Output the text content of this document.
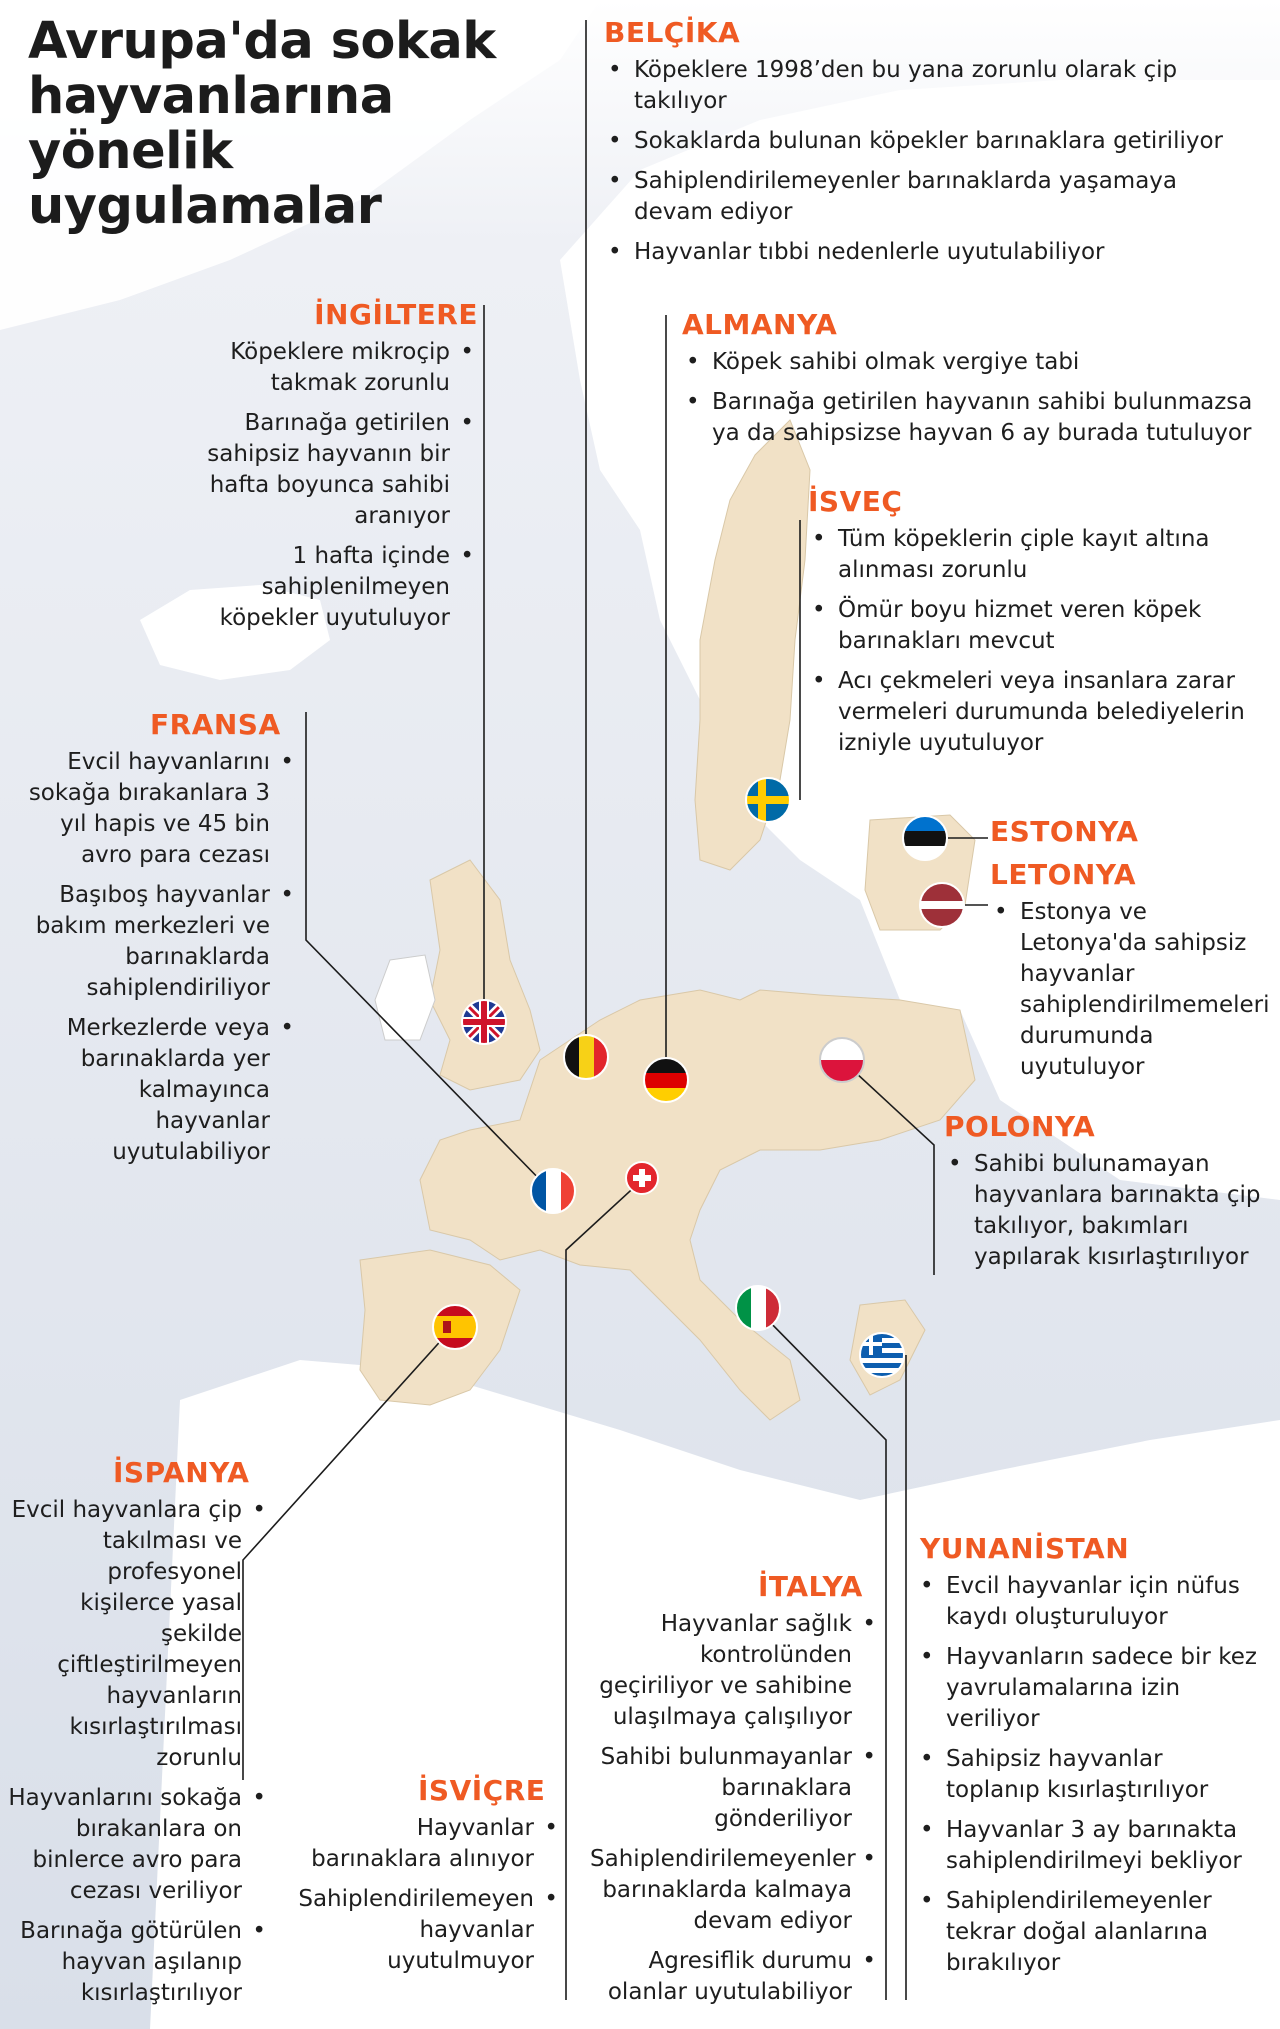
Avrupa'da sokak hayvanlarına yönelik uygulamalar
BELÇİKA
• Köpeklere 1998’den bu yana zorunlu olarak çip takılıyor
• Sokaklarda bulunan köpekler barınaklara getiriliyor
• Sahiplendirilemeyenler barınaklarda yaşamaya devam ediyor
• Hayvanlar tıbbi nedenlerle uyutulabiliyor
İNGİLTERE
Köpeklere mikroçip takmak zorunlu •
Barınağa getirilen sahipsiz hayvanın bir hafta boyunca sahibi aranıyor •
1 hafta içinde sahiplenilmeyen köpekler uyutuluyor •
ALMANYA
• Köpek sahibi olmak vergiye tabi
• Barınağa getirilen hayvanın sahibi bulunmazsa ya da sahipsizse hayvan 6 ay burada tutuluyor
İSVEÇ
• Tüm köpeklerin çiple kayıt altına alınması zorunlu
• Ömür boyu hizmet veren köpek barınakları mevcut
• Acı çekmeleri veya insanlara zarar vermeleri durumunda belediyelerin izniyle uyutuluyor
FRANSA
Evcil hayvanlarını sokağa bırakanlara 3 yıl hapis ve 45 bin avro para cezası •
Başıboş hayvanlar bakım merkezleri ve barınaklarda sahiplendiriliyor •
Merkezlerde veya barınaklarda yer kalmayınca hayvanlar uyutulabiliyor •
ESTONYA
LETONYA
• Estonya ve Letonya'da sahipsiz hayvanlar sahiplendirilmemeleri durumunda uyutuluyor
POLONYA
• Sahibi bulunamayan hayvanlara barınakta çip takılıyor, bakımları yapılarak kısırlaştırılıyor
İSPANYA
Evcil hayvanlara çip takılması ve profesyonel kişilerce yasal şekilde çiftleştirilmeyen hayvanların kısırlaştırılması zorunlu •
Hayvanlarını sokağa bırakanlara on binlerce avro para cezası veriliyor •
Barınağa götürülen hayvan aşılanıp kısırlaştırılıyor •
İSVİÇRE
Hayvanlar barınaklara alınıyor •
Sahiplendirilemeyen hayvanlar uyutulmuyor •
İTALYA
Hayvanlar sağlık kontrolünden geçiriliyor ve sahibine ulaşılmaya çalışılıyor •
Sahibi bulunmayanlar barınaklara gönderiliyor •
Sahiplendirilemeyenler barınaklarda kalmaya devam ediyor •
Agresiflik durumu olanlar uyutulabiliyor •
YUNANİSTAN
• Evcil hayvanlar için nüfus kaydı oluşturuluyor
• Hayvanların sadece bir kez yavrulamalarına izin veriliyor
• Sahipsiz hayvanlar toplanıp kısırlaştırılıyor
• Hayvanlar 3 ay barınakta sahiplendirilmeyi bekliyor
• Sahiplendirilemeyenler tekrar doğal alanlarına bırakılıyor
